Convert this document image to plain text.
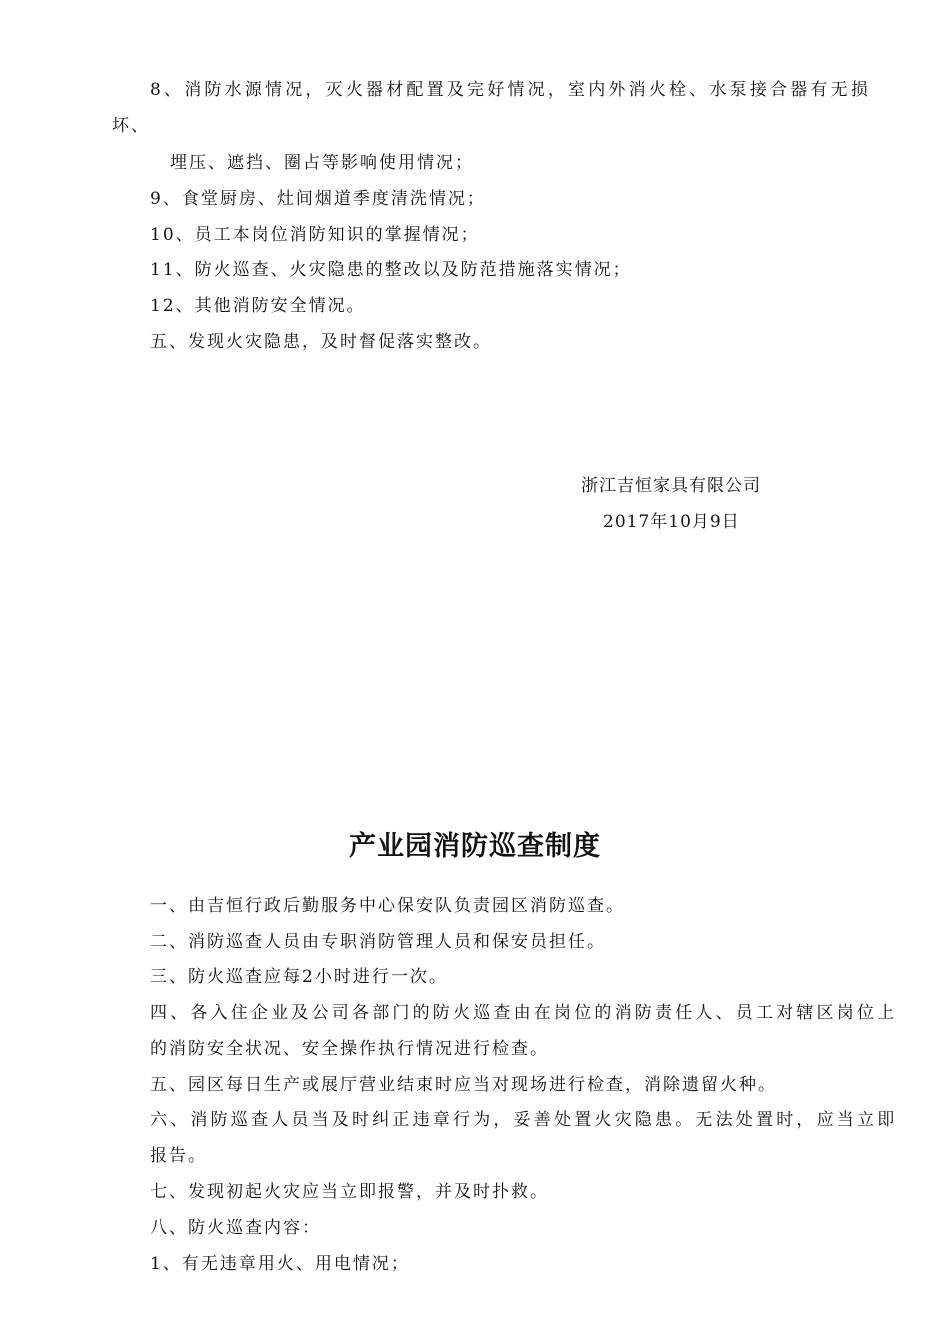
8、消防水源情况，灭火器材配置及完好情况，室内外消火栓、水泵接合器有无损
坏、
埋压、遮挡、圈占等影响使用情况；
9、食堂厨房、灶间烟道季度清洗情况；
10、员工本岗位消防知识的掌握情况；
11、防火巡查、火灾隐患的整改以及防范措施落实情况；
12、其他消防安全情况。
五、发现火灾隐患，及时督促落实整改。
浙江吉恒家具有限公司
2017年10月9日
产业园消防巡查制度
一、由吉恒行政后勤服务中心保安队负责园区消防巡查。
二、消防巡查人员由专职消防管理人员和保安员担任。
三、防火巡查应每2小时进行一次。
四、各入住企业及公司各部门的防火巡查由在岗位的消防责任人、员工对辖区岗位上
的消防安全状况、安全操作执行情况进行检查。
五、园区每日生产或展厅营业结束时应当对现场进行检查，消除遗留火种。
六、消防巡查人员当及时纠正违章行为，妥善处置火灾隐患。无法处置时，应当立即
报告。
七、发现初起火灾应当立即报警，并及时扑救。
八、防火巡查内容：
1、有无违章用火、用电情况；
